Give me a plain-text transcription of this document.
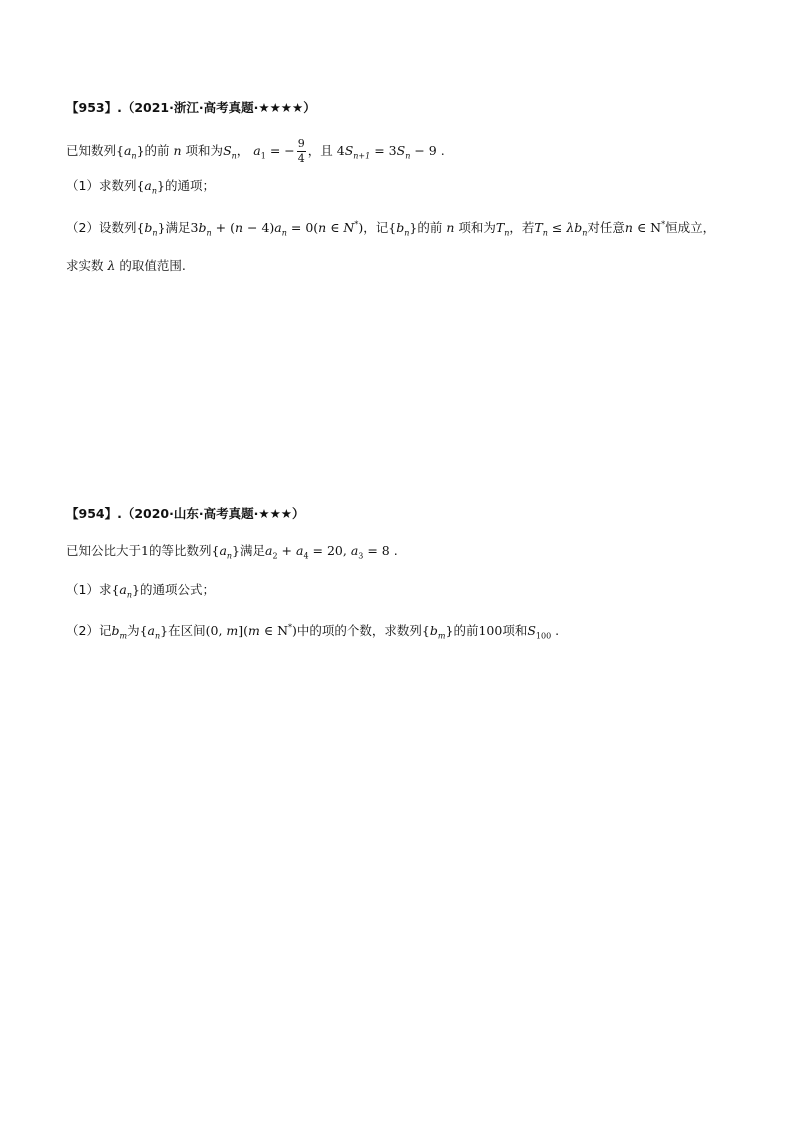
【953】.（2021·浙江·高考真题·★★★★）
已知数列$\{a_n\}$的前 n 项和为$S_n$， $a_1$ = − $\frac{9}{4}$ ，且 $4S_{n+1} = 3S_n - 9$ .
（1）求数列$\{a_n\}$的通项；
（2）设数列$\{b_n\}$满足$3b_n + (n - 4)a_n = 0(n$ ∈ N*)，记$\{b_n\}$的前 n 项和为$T_n$，若$T_n \le \lambda b_n$对任意n ∈ N*恒成立，
求实数 λ 的取值范围.
【954】.（2020·山东·高考真题·★★★）
已知公比大于1的等比数列$\{a_n\}$满足$a_2 + a_4 = 20$, $a_3 = 8$ .
（1）求$\{a_n\}$的通项公式；
（2）记$b_m$为$\{a_n\}$在区间(0, m](m ∈ N*)中的项的个数，求数列$\{b_m\}$的前100项和$S_{100}$ .
